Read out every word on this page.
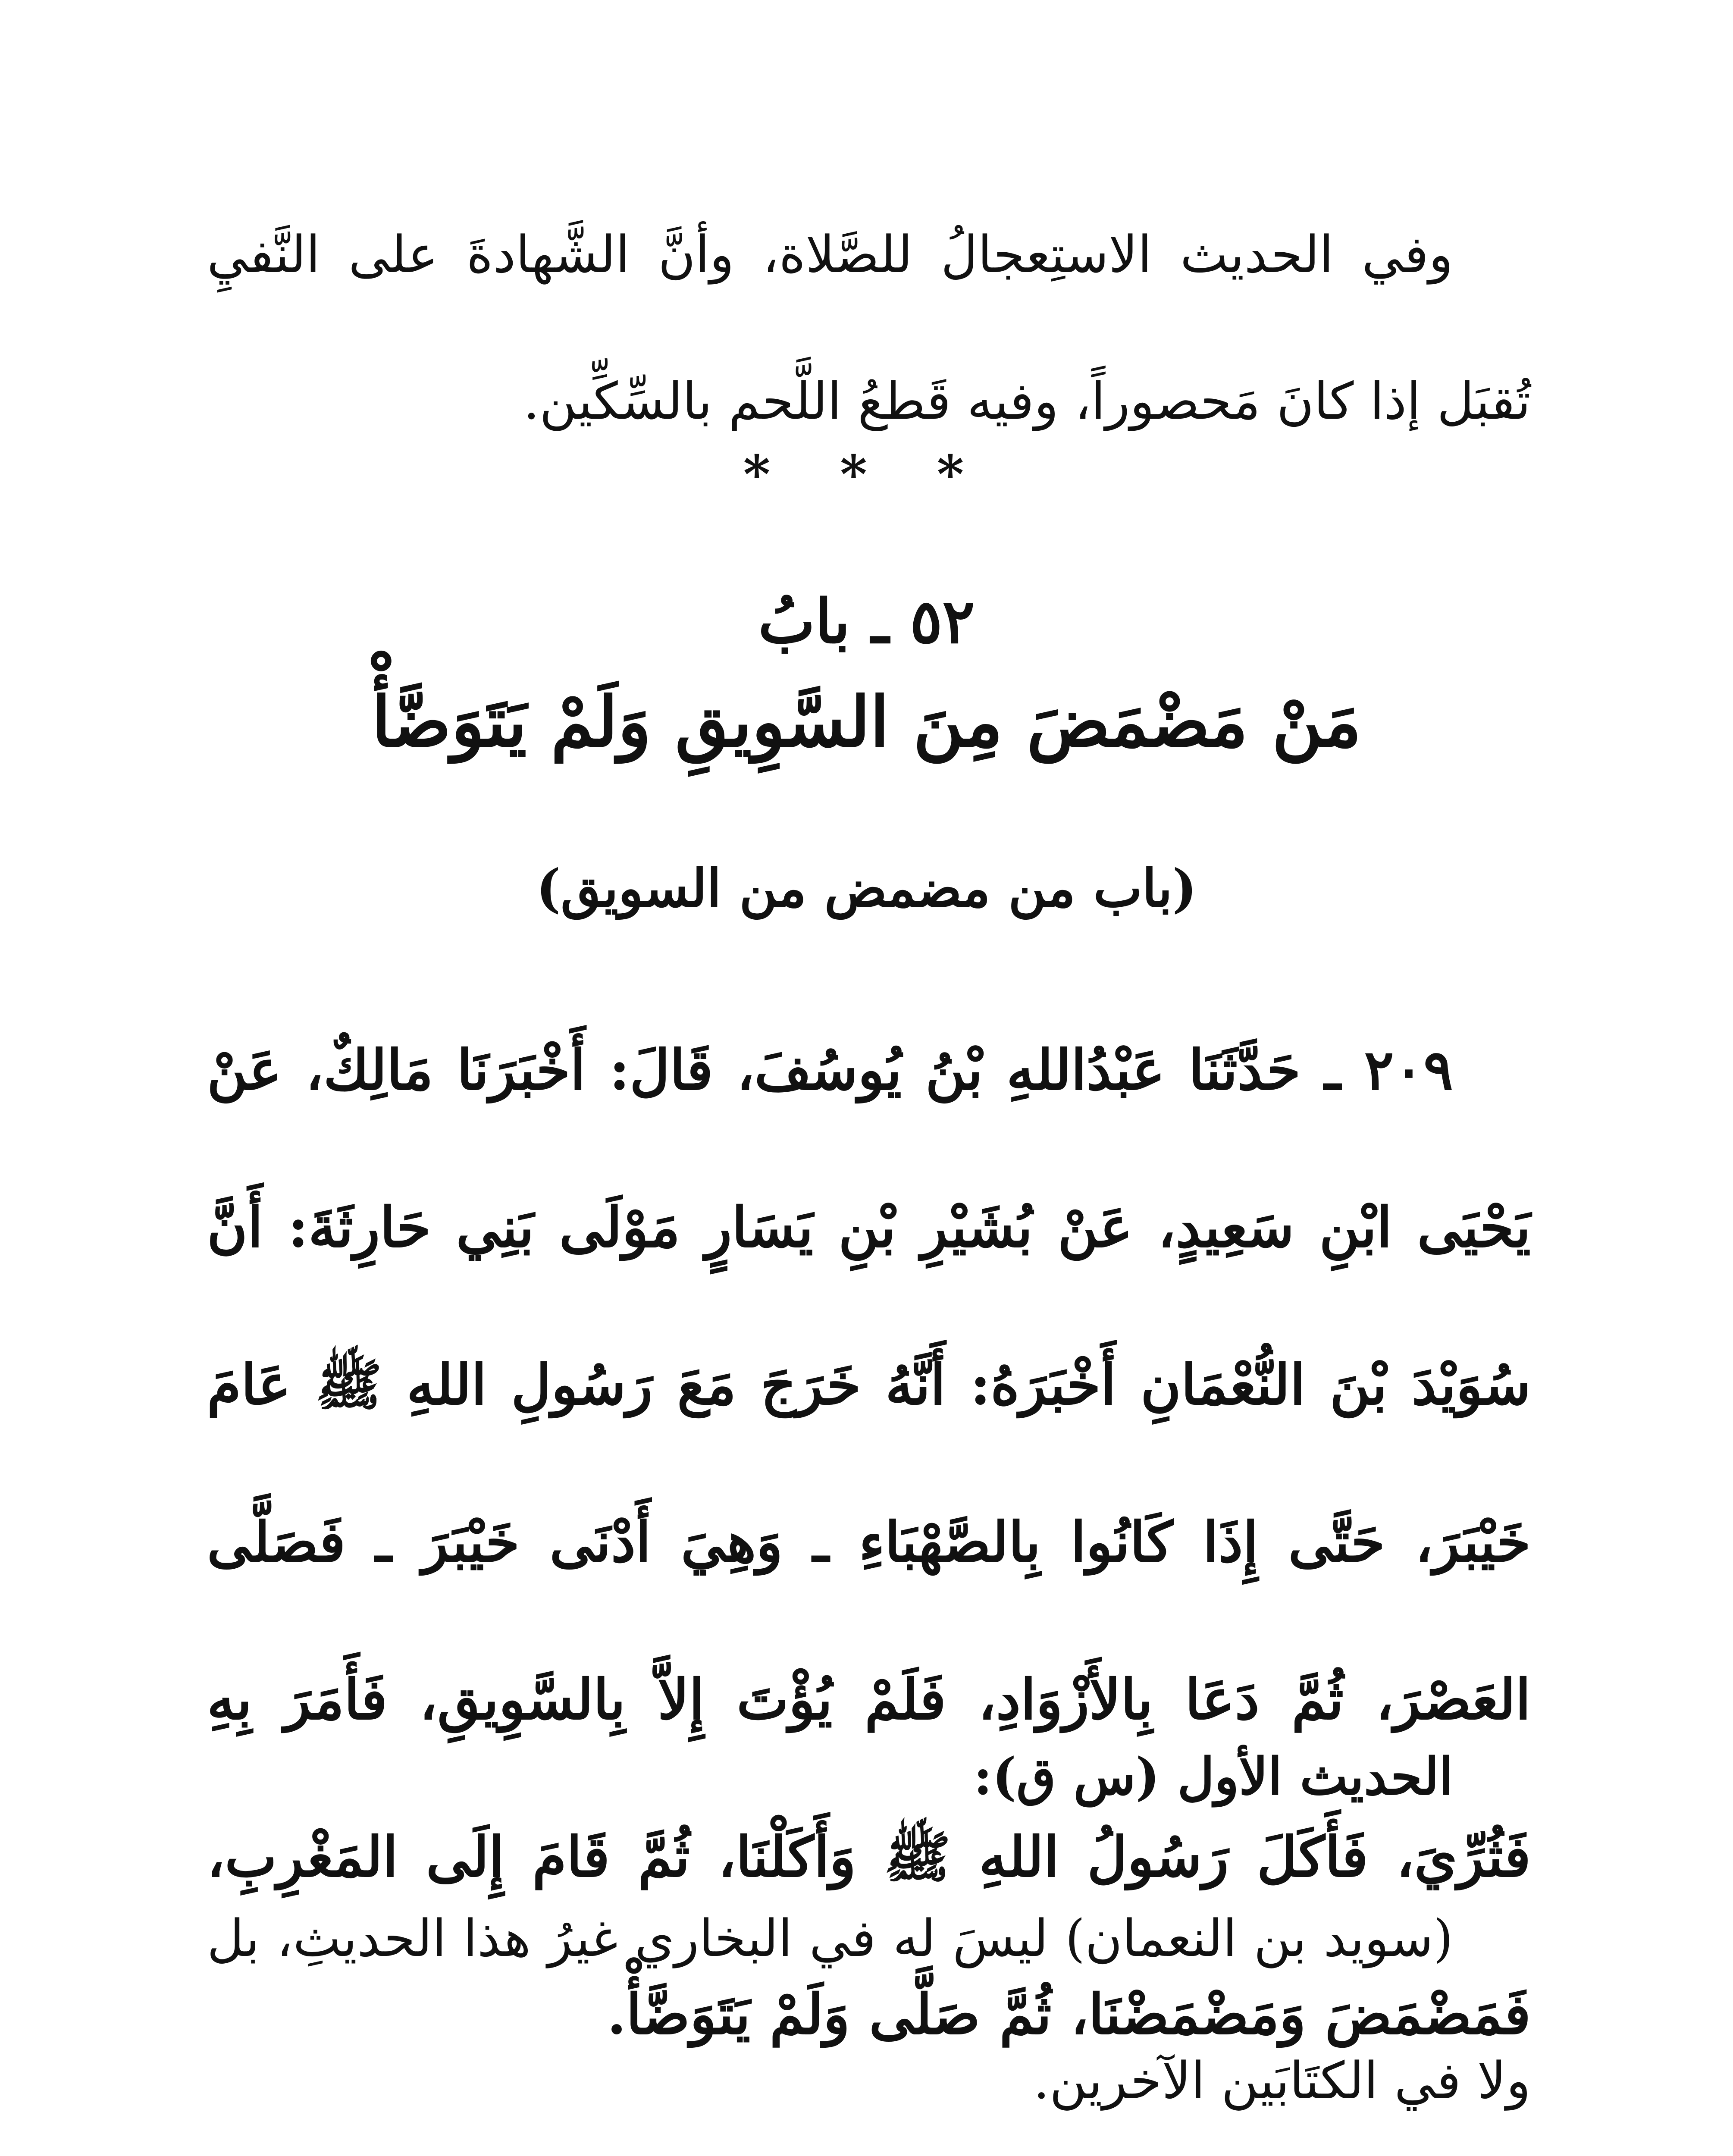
وفي الحديث الاستِعجالُ للصَّلاة، وأنَّ الشَّهادةَ على النَّفيِ تُقبَل إذا كانَ مَحصوراً، وفيه قَطعُ اللَّحم بالسِّكِّين.

* * *
٥٢ ـ بابُ
مَنْ مَضْمَضَ مِنَ السَّوِيقِ وَلَمْ يَتَوَضَّأْ
(باب من مضمض من السويق)

٢٠٩ ـ حَدَّثَنَا عَبْدُاللهِ بْنُ يُوسُفَ، قَالَ: أَخْبَرَنَا مَالِكٌ، عَنْ يَحْيَى ابْنِ سَعِيدٍ، عَنْ بُشَيْرِ بْنِ يَسَارٍ مَوْلَى بَنِي حَارِثَةَ: أَنَّ سُوَيْدَ بْنَ النُّعْمَانِ أَخْبَرَهُ: أَنَّهُ خَرَجَ مَعَ رَسُولِ اللهِ ﷺ عَامَ خَيْبَرَ، حَتَّى إِذَا كَانُوا بِالصَّهْبَاءِ ـ وَهِيَ أَدْنَى خَيْبَرَ ـ فَصَلَّى العَصْرَ، ثُمَّ دَعَا بِالأَزْوَادِ، فَلَمْ يُؤْتَ إِلاَّ بِالسَّوِيقِ، فَأَمَرَ بِهِ فَثُرِّيَ، فَأَكَلَ رَسُولُ اللهِ ﷺ وَأَكَلْنَا، ثُمَّ قَامَ إِلَى المَغْرِبِ، فَمَضْمَضَ وَمَضْمَضْنَا، ثُمَّ صَلَّى وَلَمْ يَتَوَضَّأْ.

الحديث الأول (س ق):

(سويد بن النعمان) ليسَ له في البخاري غيرُ هذا الحديثِ، بل ولا في الكتَابَين الآخرين.
